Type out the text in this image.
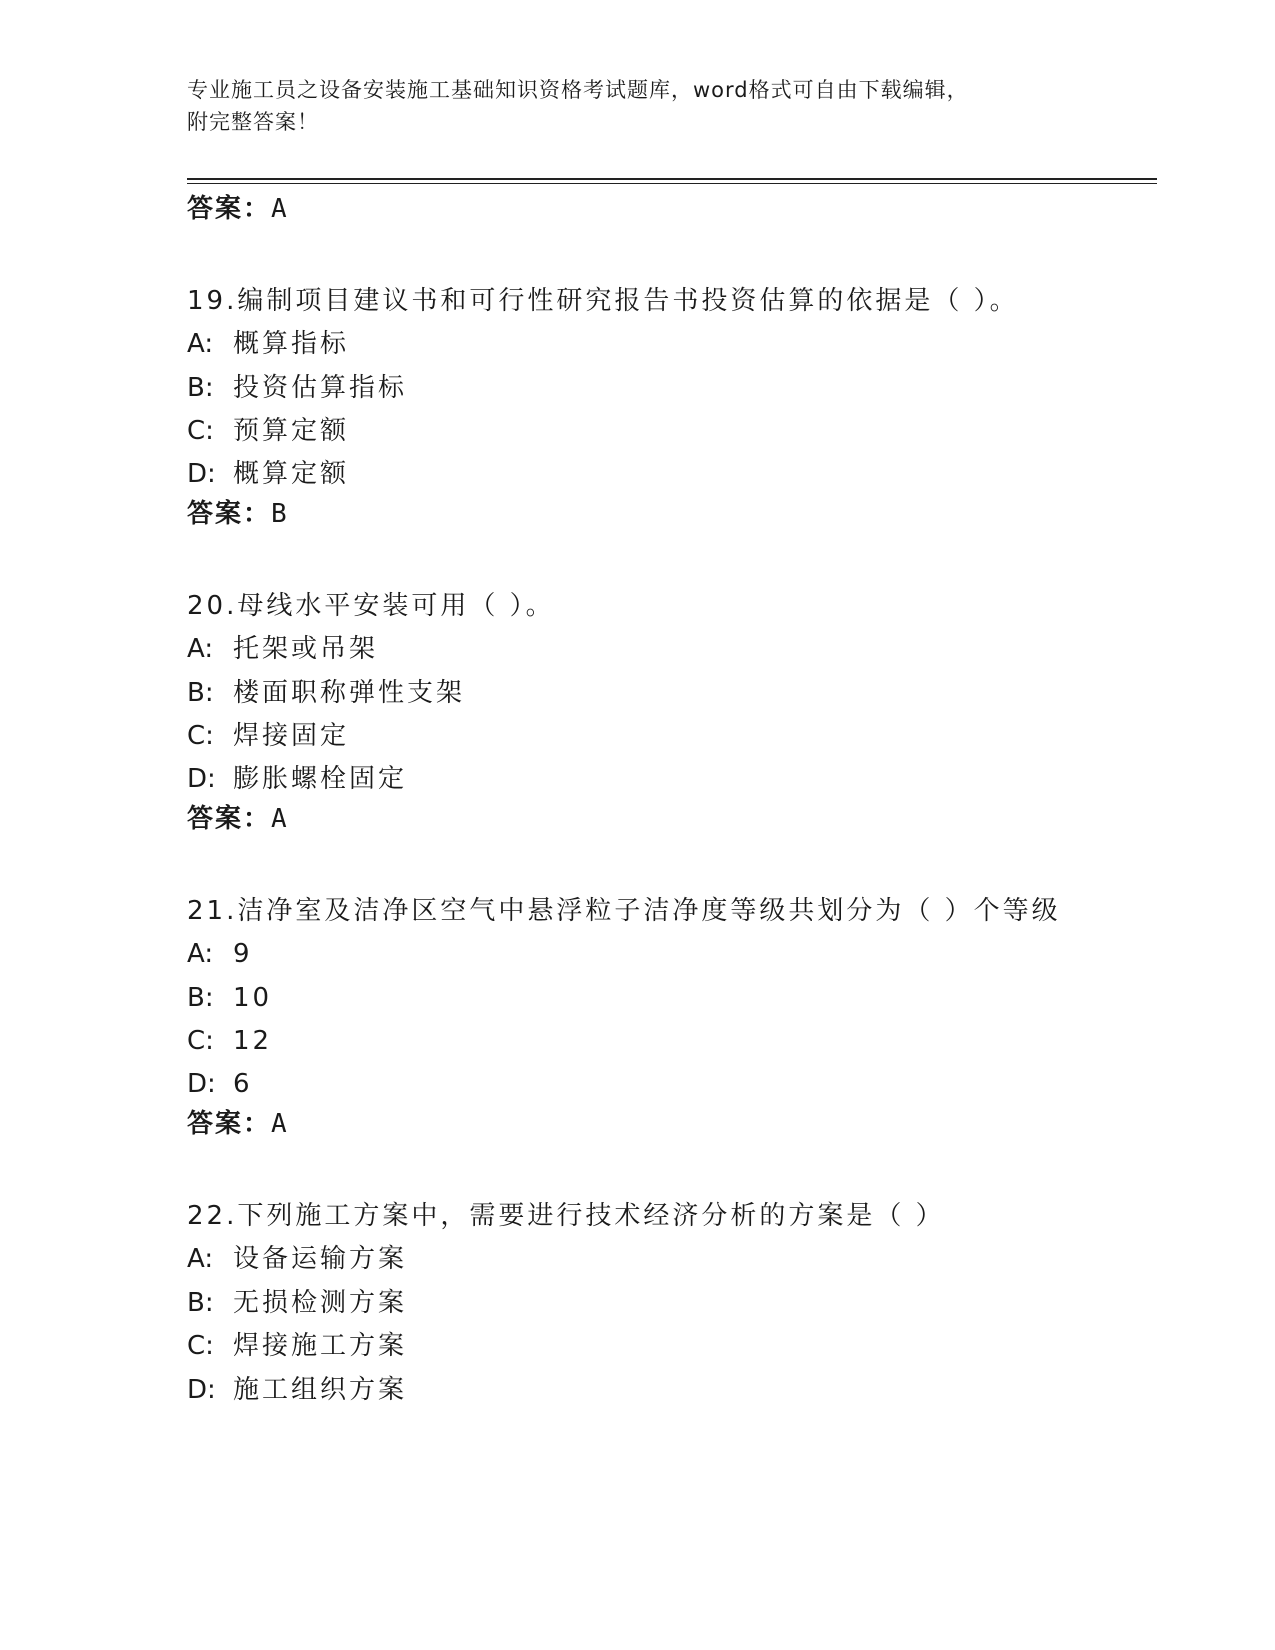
专业施工员之设备安装施工基础知识资格考试题库，word格式可自由下载编辑，
附完整答案！
答案：A
19.编制项目建议书和可行性研究报告书投资估算的依据是（ ）。
A: 概算指标
B: 投资估算指标
C: 预算定额
D: 概算定额
答案：B
20.母线水平安装可用（ ）。
A: 托架或吊架
B: 楼面职称弹性支架
C: 焊接固定
D: 膨胀螺栓固定
答案：A
21.洁净室及洁净区空气中悬浮粒子洁净度等级共划分为（ ）个等级
A: 9
B: 10
C: 12
D: 6
答案：A
22.下列施工方案中，需要进行技术经济分析的方案是（ ）
A: 设备运输方案
B: 无损检测方案
C: 焊接施工方案
D: 施工组织方案
